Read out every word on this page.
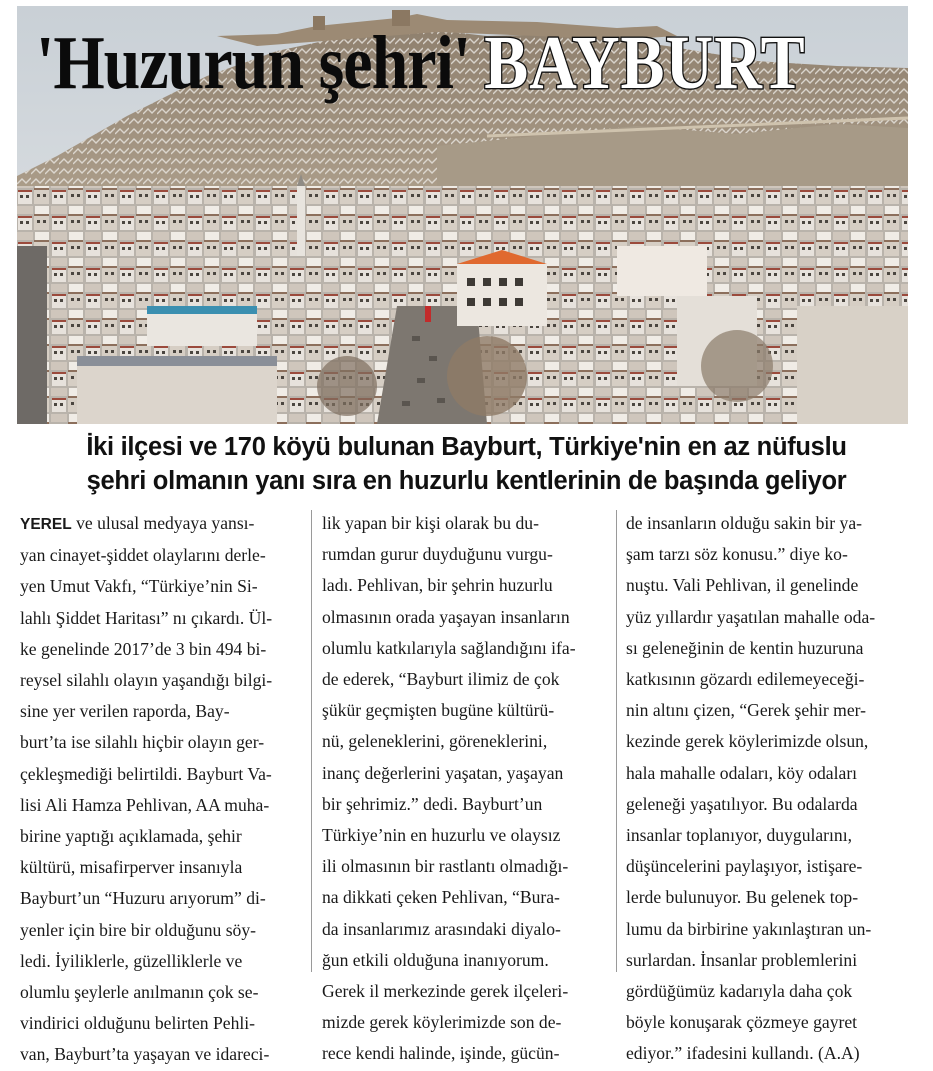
'Huzurun şehri' BAYBURT
İki ilçesi ve 170 köyü bulunan Bayburt, Türkiye'nin en az nüfuslu
şehri olmanın yanı sıra en huzurlu kentlerinin de başında geliyor
YEREL ve ulusal medyaya yansı-
yan cinayet-şiddet olaylarını derle-
yen Umut Vakfı, “Türkiye’nin Si-
lahlı Şiddet Haritası” nı çıkardı. Ül-
ke genelinde 2017’de 3 bin 494 bi-
reysel silahlı olayın yaşandığı bilgi-
sine yer verilen raporda, Bay-
burt’ta ise silahlı hiçbir olayın ger-
çekleşmediği belirtildi. Bayburt Va-
lisi Ali Hamza Pehlivan, AA muha-
birine yaptığı açıklamada, şehir
kültürü, misafirperver insanıyla
Bayburt’un “Huzuru arıyorum” di-
yenler için bire bir olduğunu söy-
ledi. İyiliklerle, güzelliklerle ve
olumlu şeylerle anılmanın çok se-
vindirici olduğunu belirten Pehli-
van, Bayburt’ta yaşayan ve idareci-
lik yapan bir kişi olarak bu du-
rumdan gurur duyduğunu vurgu-
ladı. Pehlivan, bir şehrin huzurlu
olmasının orada yaşayan insanların
olumlu katkılarıyla sağlandığını ifa-
de ederek, “Bayburt ilimiz de çok
şükür geçmişten bugüne kültürü-
nü, geleneklerini, göreneklerini,
inanç değerlerini yaşatan, yaşayan
bir şehrimiz.” dedi. Bayburt’un
Türkiye’nin en huzurlu ve olaysız
ili olmasının bir rastlantı olmadığı-
na dikkati çeken Pehlivan, “Bura-
da insanlarımız arasındaki diyalo-
ğun etkili olduğuna inanıyorum.
Gerek il merkezinde gerek ilçeleri-
mizde gerek köylerimizde son de-
rece kendi halinde, işinde, gücün-
de insanların olduğu sakin bir ya-
şam tarzı söz konusu.” diye ko-
nuştu. Vali Pehlivan, il genelinde
yüz yıllardır yaşatılan mahalle oda-
sı geleneğinin de kentin huzuruna
katkısının gözardı edilemeyeceği-
nin altını çizen, “Gerek şehir mer-
kezinde gerek köylerimizde olsun,
hala mahalle odaları, köy odaları
geleneği yaşatılıyor. Bu odalarda
insanlar toplanıyor, duygularını,
düşüncelerini paylaşıyor, istişare-
lerde bulunuyor. Bu gelenek top-
lumu da birbirine yakınlaştıran un-
surlardan. İnsanlar problemlerini
gördüğümüz kadarıyla daha çok
böyle konuşarak çözmeye gayret
ediyor.” ifadesini kullandı. (A.A)
